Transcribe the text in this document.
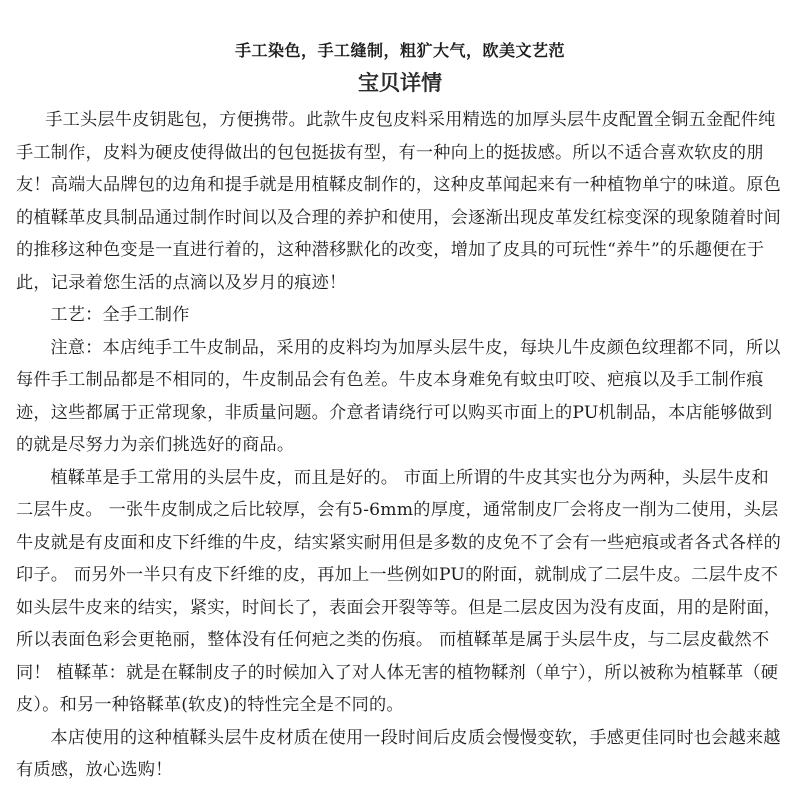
手工染色，手工缝制，粗犷大气，欧美文艺范

宝贝详情

手工头层牛皮钥匙包，方便携带。此款牛皮包皮料采用精选的加厚头层牛皮配置全铜五金配件纯手工制作，皮料为硬皮使得做出的包包挺拔有型，有一种向上的挺拔感。所以不适合喜欢软皮的朋友！高端大品牌包的边角和提手就是用植鞣皮制作的，这种皮革闻起来有一种植物单宁的味道。原色的植鞣革皮具制品通过制作时间以及合理的养护和使用，会逐渐出现皮革发红棕变深的现象随着时间的推移这种色变是一直进行着的，这种潜移默化的改变，增加了皮具的可玩性“养牛”的乐趣便在于此，记录着您生活的点滴以及岁月的痕迹！

工艺：全手工制作

注意：本店纯手工牛皮制品，采用的皮料均为加厚头层牛皮，每块儿牛皮颜色纹理都不同，所以每件手工制品都是不相同的，牛皮制品会有色差。牛皮本身难免有蚊虫叮咬、疤痕以及手工制作痕迹，这些都属于正常现象，非质量问题。介意者请绕行可以购买市面上的PU机制品，本店能够做到的就是尽努力为亲们挑选好的商品。

植鞣革是手工常用的头层牛皮，而且是好的。 市面上所谓的牛皮其实也分为两种，头层牛皮和二层牛皮。 一张牛皮制成之后比较厚，会有5-6mm的厚度，通常制皮厂会将皮一削为二使用，头层牛皮就是有皮面和皮下纤维的牛皮，结实紧实耐用但是多数的皮免不了会有一些疤痕或者各式各样的印子。 而另外一半只有皮下纤维的皮，再加上一些例如PU的附面，就制成了二层牛皮。二层牛皮不如头层牛皮来的结实，紧实，时间长了，表面会开裂等等。但是二层皮因为没有皮面，用的是附面，所以表面色彩会更艳丽，整体没有任何疤之类的伤痕。 而植鞣革是属于头层牛皮，与二层皮截然不同！ 植鞣革：就是在鞣制皮子的时候加入了对人体无害的植物鞣剂（单宁），所以被称为植鞣革（硬皮）。和另一种铬鞣革(软皮)的特性完全是不同的。

本店使用的这种植鞣头层牛皮材质在使用一段时间后皮质会慢慢变软，手感更佳同时也会越来越有质感，放心选购！
